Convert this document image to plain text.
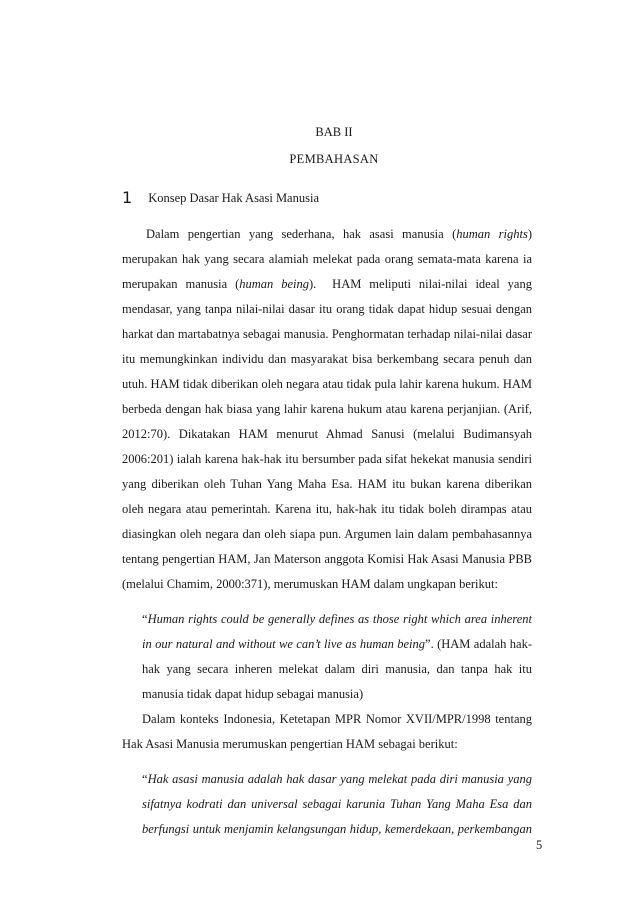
BAB II
PEMBAHASAN
1 Konsep Dasar Hak Asasi Manusia
Dalam pengertian yang sederhana, hak asasi manusia (human rights)
merupakan hak yang secara alamiah melekat pada orang semata-mata karena ia
merupakan manusia (human being).  HAM meliputi nilai-nilai ideal yang
mendasar, yang tanpa nilai-nilai dasar itu orang tidak dapat hidup sesuai dengan
harkat dan martabatnya sebagai manusia. Penghormatan terhadap nilai-nilai dasar
itu memungkinkan individu dan masyarakat bisa berkembang secara penuh dan
utuh. HAM tidak diberikan oleh negara atau tidak pula lahir karena hukum. HAM
berbeda dengan hak biasa yang lahir karena hukum atau karena perjanjian. (Arif,
2012:70). Dikatakan HAM menurut Ahmad Sanusi (melalui Budimansyah
2006:201) ialah karena hak-hak itu bersumber pada sifat hekekat manusia sendiri
yang diberikan oleh Tuhan Yang Maha Esa. HAM itu bukan karena diberikan
oleh negara atau pemerintah. Karena itu, hak-hak itu tidak boleh dirampas atau
diasingkan oleh negara dan oleh siapa pun. Argumen lain dalam pembahasannya
tentang pengertian HAM, Jan Materson anggota Komisi Hak Asasi Manusia PBB
(melalui Chamim, 2000:371), merumuskan HAM dalam ungkapan berikut:
“Human rights could be generally defines as those right which area inherent
in our natural and without we can’t live as human being”. (HAM adalah hak-
hak yang secara inheren melekat dalam diri manusia, dan tanpa hak itu
manusia tidak dapat hidup sebagai manusia)
Dalam konteks Indonesia, Ketetapan MPR Nomor XVII/MPR/1998 tentang
Hak Asasi Manusia merumuskan pengertian HAM sebagai berikut:
“Hak asasi manusia adalah hak dasar yang melekat pada diri manusia yang
sifatnya kodrati dan universal sebagai karunia Tuhan Yang Maha Esa dan
berfungsi untuk menjamin kelangsungan hidup, kemerdekaan, perkembangan
5
